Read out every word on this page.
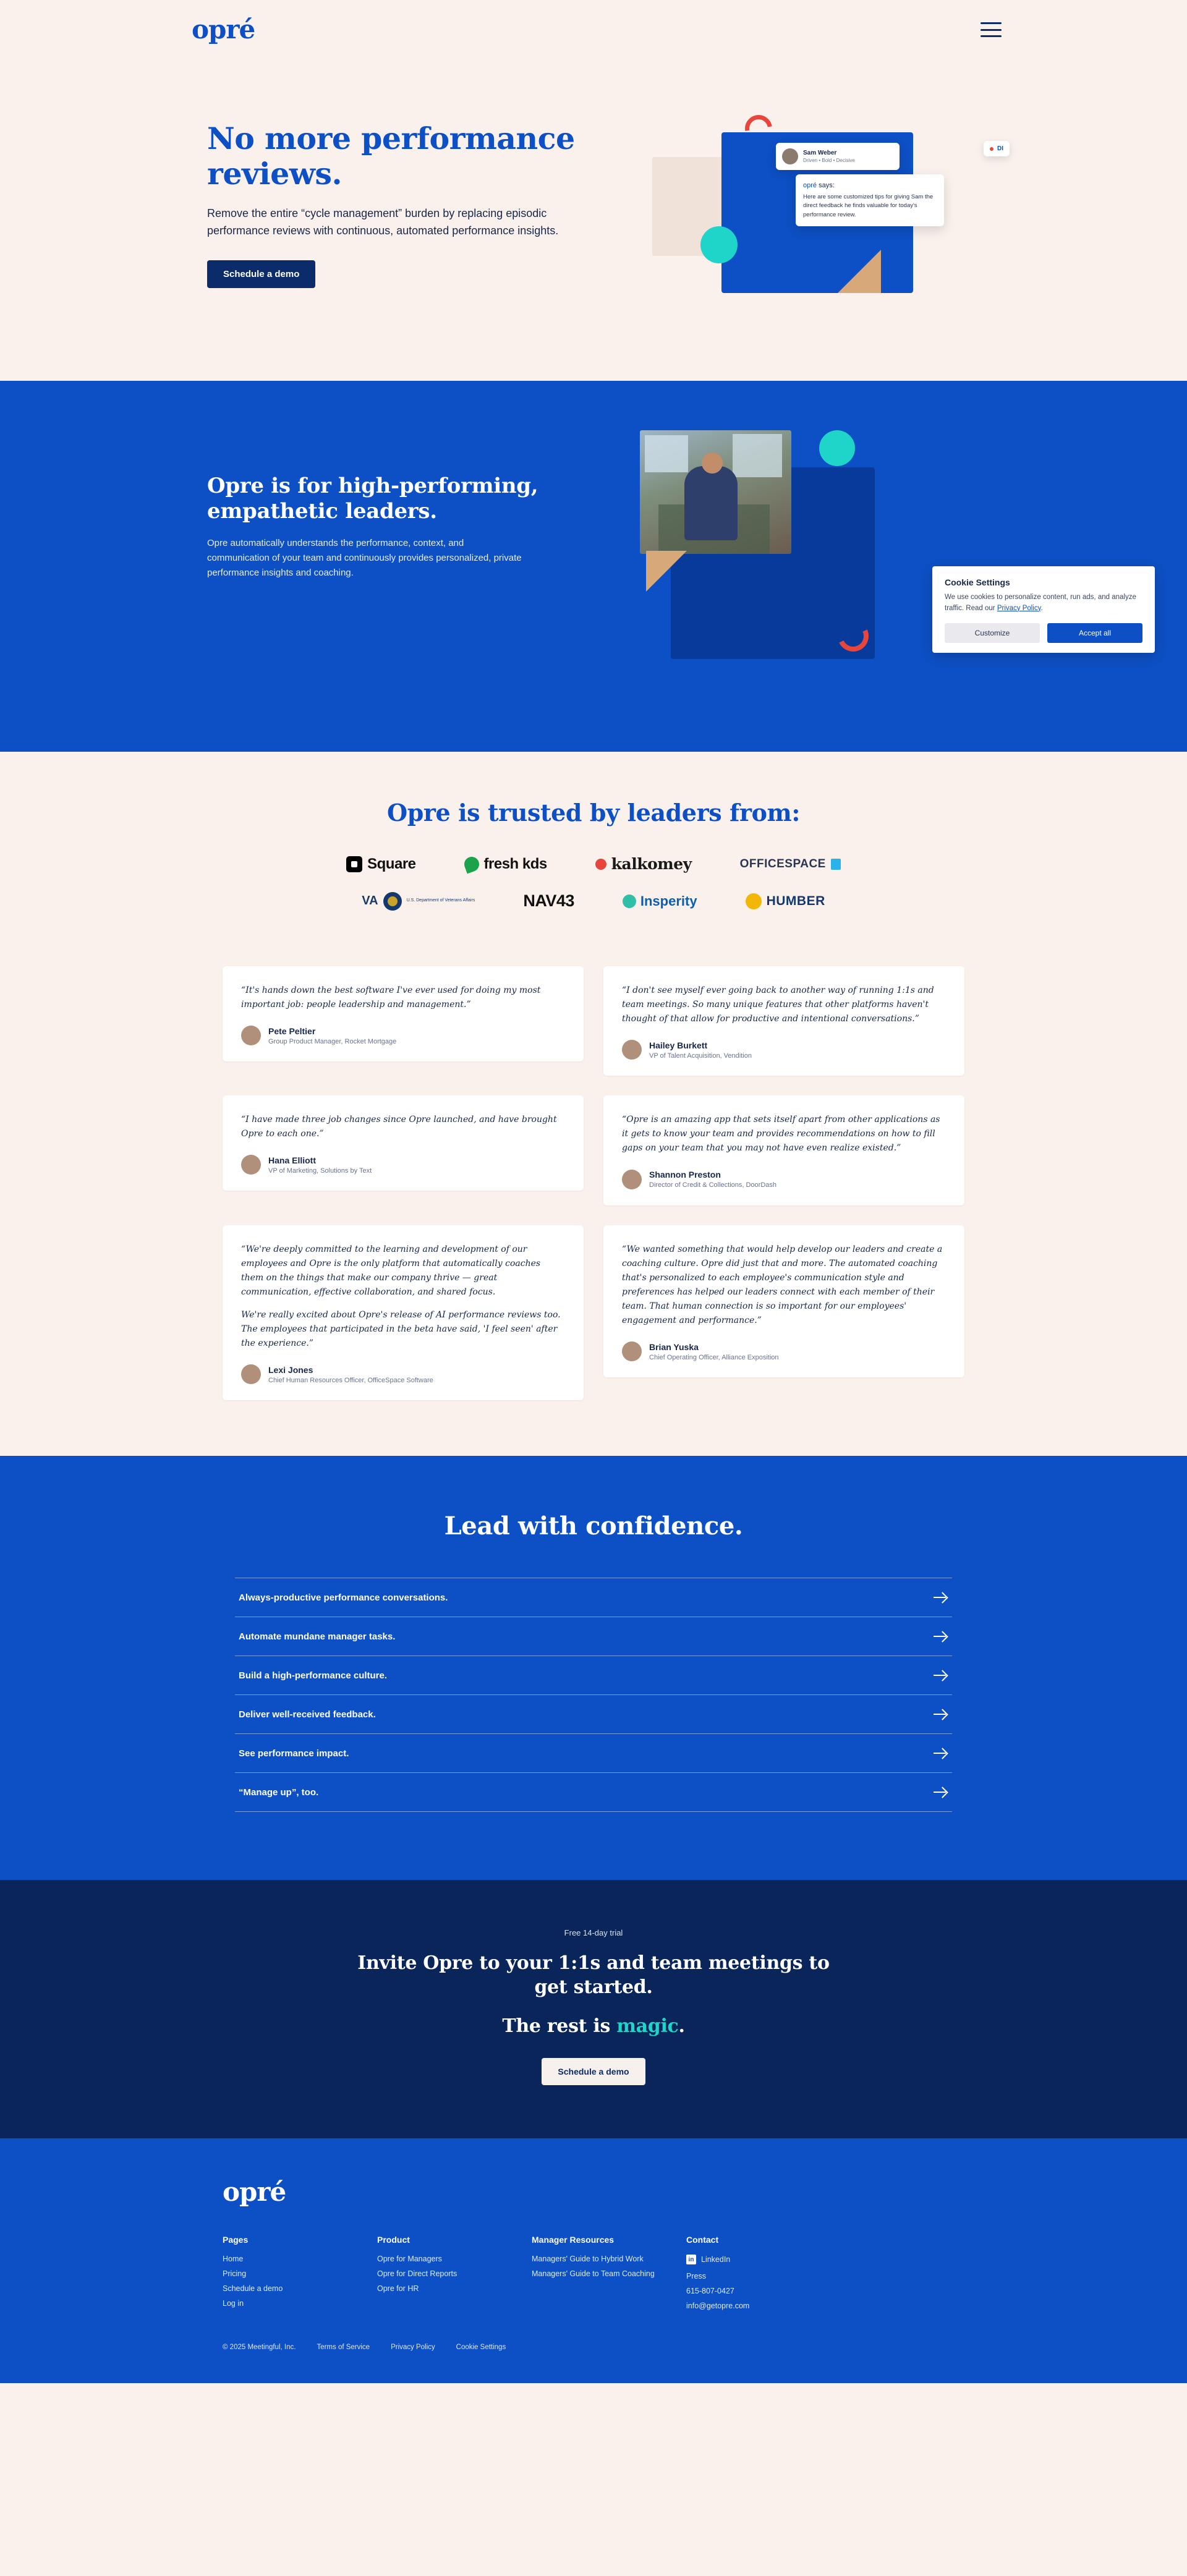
opré
No more performance reviews.

Remove the entire “cycle management” burden by replacing episodic performance reviews with continuous, automated performance insights.

Schedule a demo
Sam Weber
Driven • Bold • Decisive
DI
opré says:
Here are some customized tips for giving Sam the direct feedback he finds valuable for today's performance review.
Opre is for high-performing, empathetic leaders.

Opre automatically understands the performance, context, and communication of your team and continuously provides personalized, private performance insights and coaching.

Cookie Settings

We use cookies to personalize content, run ads, and analyze traffic. Read our Privacy Policy.

Customize	Accept all
Opre is trusted by leaders from:
Square	fresh kds	kalkomey	OFFICESPACE
VA	U.S. Department of Veterans Affairs	NAV43	Insperity	HUMBER

“It's hands down the best software I've ever used for doing my most important job: people leadership and management.”

Pete Peltier
Group Product Manager, Rocket Mortgage

“I don't see myself ever going back to another way of running 1:1s and team meetings. So many unique features that other platforms haven't thought of that allow for productive and intentional conversations.”

Hailey Burkett
VP of Talent Acquisition, Vendition

“I have made three job changes since Opre launched, and have brought Opre to each one.”

Hana Elliott
VP of Marketing, Solutions by Text

“Opre is an amazing app that sets itself apart from other applications as it gets to know your team and provides recommendations on how to fill gaps on your team that you may not have even realize existed.”

Shannon Preston
Director of Credit & Collections, DoorDash

“We're deeply committed to the learning and development of our employees and Opre is the only platform that automatically coaches them on the things that make our company thrive — great communication, effective collaboration, and shared focus.

We're really excited about Opre's release of AI performance reviews too. The employees that participated in the beta have said, 'I feel seen' after the experience.”

Lexi Jones
Chief Human Resources Officer, OfficeSpace Software

“We wanted something that would help develop our leaders and create a coaching culture. Opre did just that and more. The automated coaching that's personalized to each employee's communication style and preferences has helped our leaders connect with each member of their team. That human connection is so important for our employees' engagement and performance.”

Brian Yuska
Chief Operating Officer, Alliance Exposition
Lead with confidence.
Always-productive performance conversations.
Automate mundane manager tasks.
Build a high-performance culture.
Deliver well-received feedback.
See performance impact.
“Manage up”, too.
Free 14-day trial
Invite Opre to your 1:1s and team meetings to get started.
The rest is magic.
Schedule a demo
opré
Pages
Home
Pricing
Schedule a demo
Log in
Product
Opre for Managers
Opre for Direct Reports
Opre for HR
Manager Resources
Managers' Guide to Hybrid Work
Managers' Guide to Team Coaching
Contact
in LinkedIn
Press
615-807-0427
info@getopre.com
© 2025 Meetingful, Inc.	Terms of Service	Privacy Policy	Cookie Settings
